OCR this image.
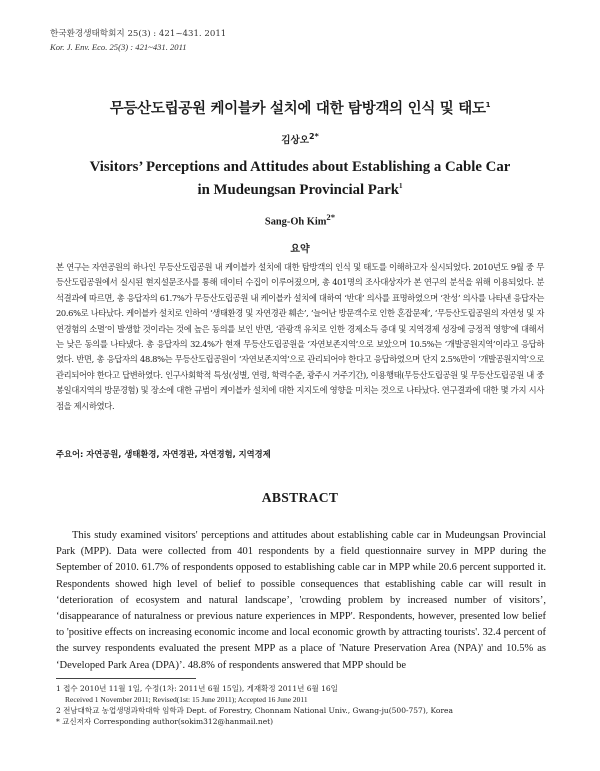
한국환경생태학회지 25(3) : 421~431. 2011
Kor. J. Env. Eco. 25(3) : 421~431. 2011
무등산도립공원 케이블카 설치에 대한 탐방객의 인식 및 태도$^1$
김상오$^{2*}$
Visitors’ Perceptions and Attitudes about Establishing a Cable Car
in Mudeungsan Provincial Park$^1$
Sang-Oh Kim$^{2*}$
요약

본 연구는 자연공원의 하나인 무등산도립공원 내 케이블카 설치에 대한 탐방객의 인식 및 태도를 이해하고자 실시되었다. 2010년도 9월 중 무등산도립공원에서 실시된 현지설문조사를 통해 데이터 수집이 이루어졌으며, 총 401명의 조사대상자가 본 연구의 분석을 위해 이용되었다. 분석결과에 따르면, 총 응답자의 61.7%가 무등산도립공원 내 케이블카 설치에 대하여 ‘반대’ 의사를 표명하였으며 ‘찬성’ 의사를 나타낸 응답자는 20.6%로 나타났다. 케이블카 설치로 인하여 ‘생태환경 및 자연경관 훼손’, ‘늘어난 방문객수로 인한 혼잡문제’, ‘무등산도립공원의 자연성 및 자연경험의 소멸’이 발생할 것이라는 것에 높은 동의를 보인 반면, ‘관광객 유치로 인한 경제소득 증대 및 지역경제 성장에 긍정적 영향’에 대해서는 낮은 동의를 나타냈다. 총 응답자의 32.4%가 현재 무등산도립공원을 ‘자연보존지역’으로 보았으며 10.5%는 ‘개발공원지역’이라고 응답하였다. 반면, 총 응답자의 48.8%는 무등산도립공원이 ‘자연보존지역’으로 관리되어야 한다고 응답하였으며 단지 2.5%만이 ‘개발공원지역’으로 관리되어야 한다고 답변하였다. 인구사회학적 특성(성별, 연령, 학력수준, 광주시 거주기간), 이용행태(무등산도립공원 및 무등산도립공원 내 중봉일대지역의 방문경험) 및 장소에 대한 규범이 케이블카 설치에 대한 지지도에 영향을 미치는 것으로 나타났다. 연구결과에 대한 몇 가지 시사점을 제시하였다.

주요어: 자연공원, 생태환경, 자연경관, 자연경험, 지역경제
ABSTRACT

This study examined visitors' perceptions and attitudes about establishing cable car in Mudeungsan Provincial Park (MPP). Data were collected from 401 respondents by a field questionnaire survey in MPP during the September of 2010. 61.7% of respondents opposed to establishing cable car in MPP while 20.6 percent supported it. Respondents showed high level of belief to possible consequences that establishing cable car will result in ‘deterioration of ecosystem and natural landscape’, 'crowding problem by increased number of visitors’, ‘disappearance of naturalness or previous nature experiences in MPP'. Respondents, however, presented low belief to 'positive effects on increasing economic income and local economic growth by attracting tourists'. 32.4 percent of the survey respondents evaluated the present MPP as a place of 'Nature Preservation Area (NPA)' and 10.5% as ‘Developed Park Area (DPA)’. 48.8% of respondents answered that MPP should be

1 접수 2010년 11월 1일, 수정(1차: 2011년 6월 15일), 게재확정 2011년 6월 16일
Received 1 November 2011; Revised(1st: 15 June 2011); Accepted 16 June 2011
2 전남대학교 농업생명과학대학 임학과 Dept. of Forestry, Chonnam National Univ., Gwang-ju(500-757), Korea
* 교신저자 Corresponding author(sokim312@hanmail.net)
